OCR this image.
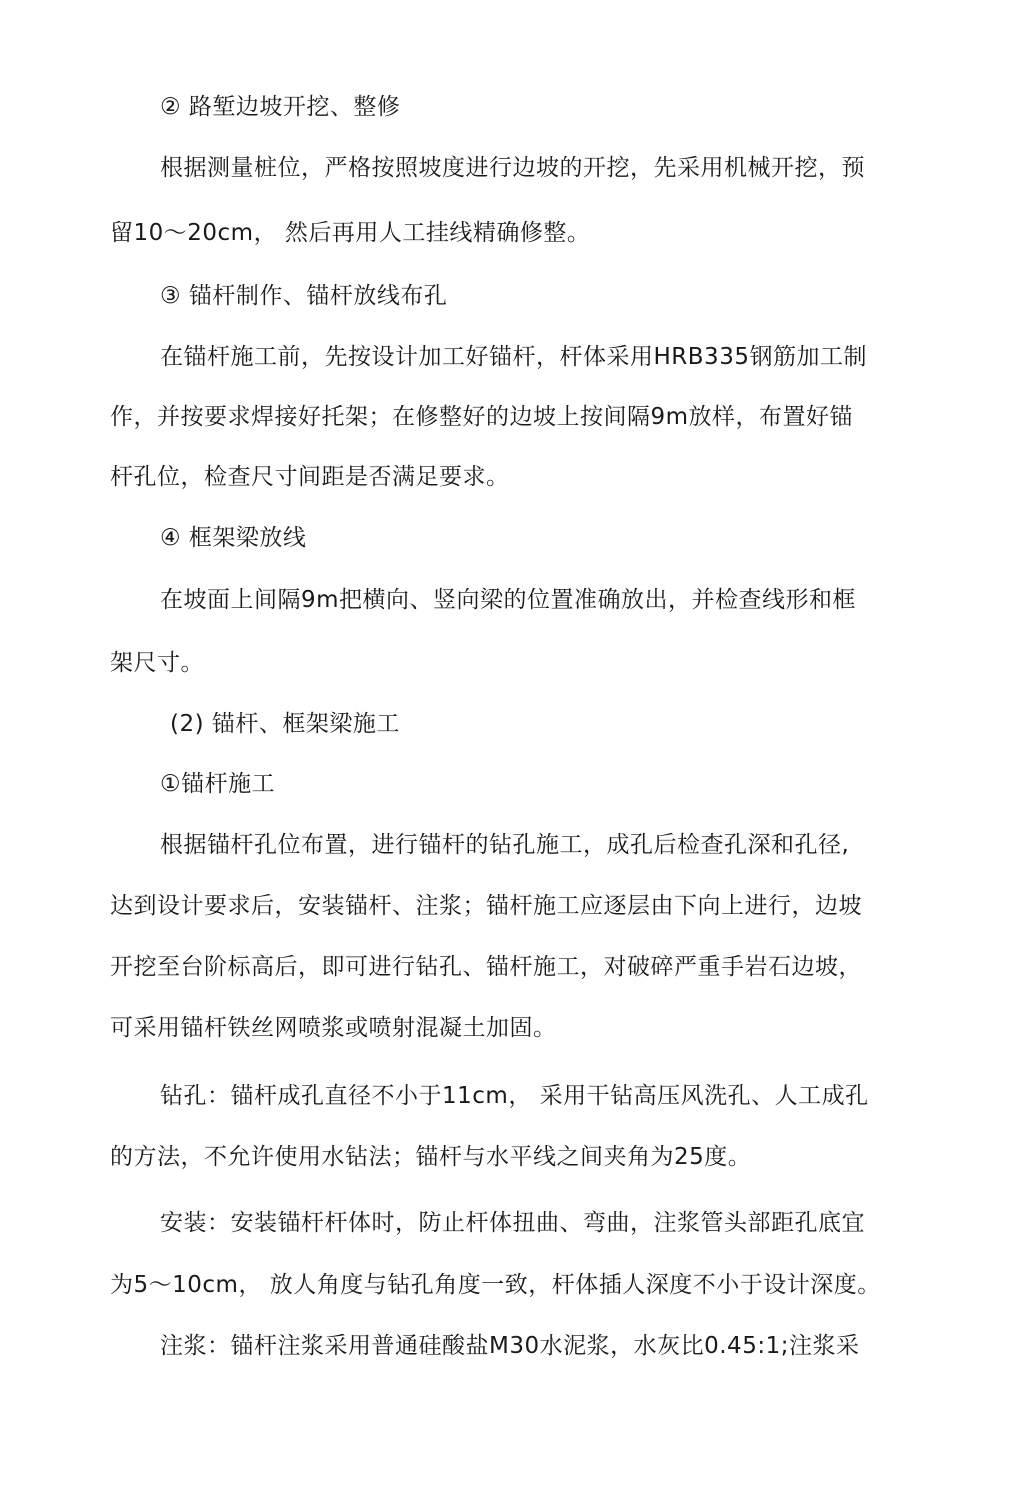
② 路堑边坡开挖、整修
根据测量桩位，严格按照坡度进行边坡的开挖，先采用机械开挖，预
留10～20cm， 然后再用人工挂线精确修整。
③ 锚杆制作、锚杆放线布孔
在锚杆施工前，先按设计加工好锚杆，杆体采用HRB335钢筋加工制
作，并按要求焊接好托架；在修整好的边坡上按间隔9m放样，布置好锚
杆孔位，检查尺寸间距是否满足要求。
④ 框架梁放线
在坡面上间隔9m把横向、竖向梁的位置准确放出，并检查线形和框
架尺寸。
(2) 锚杆、框架梁施工
①锚杆施工
根据锚杆孔位布置，进行锚杆的钻孔施工，成孔后检查孔深和孔径,
达到设计要求后，安装锚杆、注浆；锚杆施工应逐层由下向上进行，边坡
开挖至台阶标高后，即可进行钻孔、锚杆施工，对破碎严重手岩石边坡，
可采用锚杆铁丝网喷浆或喷射混凝土加固。
钻孔：锚杆成孔直径不小于11cm， 采用干钻高压风洗孔、人工成孔
的方法，不允许使用水钻法；锚杆与水平线之间夹角为25度。
安装：安装锚杆杆体时，防止杆体扭曲、弯曲，注浆管头部距孔底宜
为5～10cm， 放人角度与钻孔角度一致，杆体插人深度不小于设计深度。
注浆：锚杆注浆采用普通硅酸盐M30水泥浆，水灰比0.45:1;注浆采
